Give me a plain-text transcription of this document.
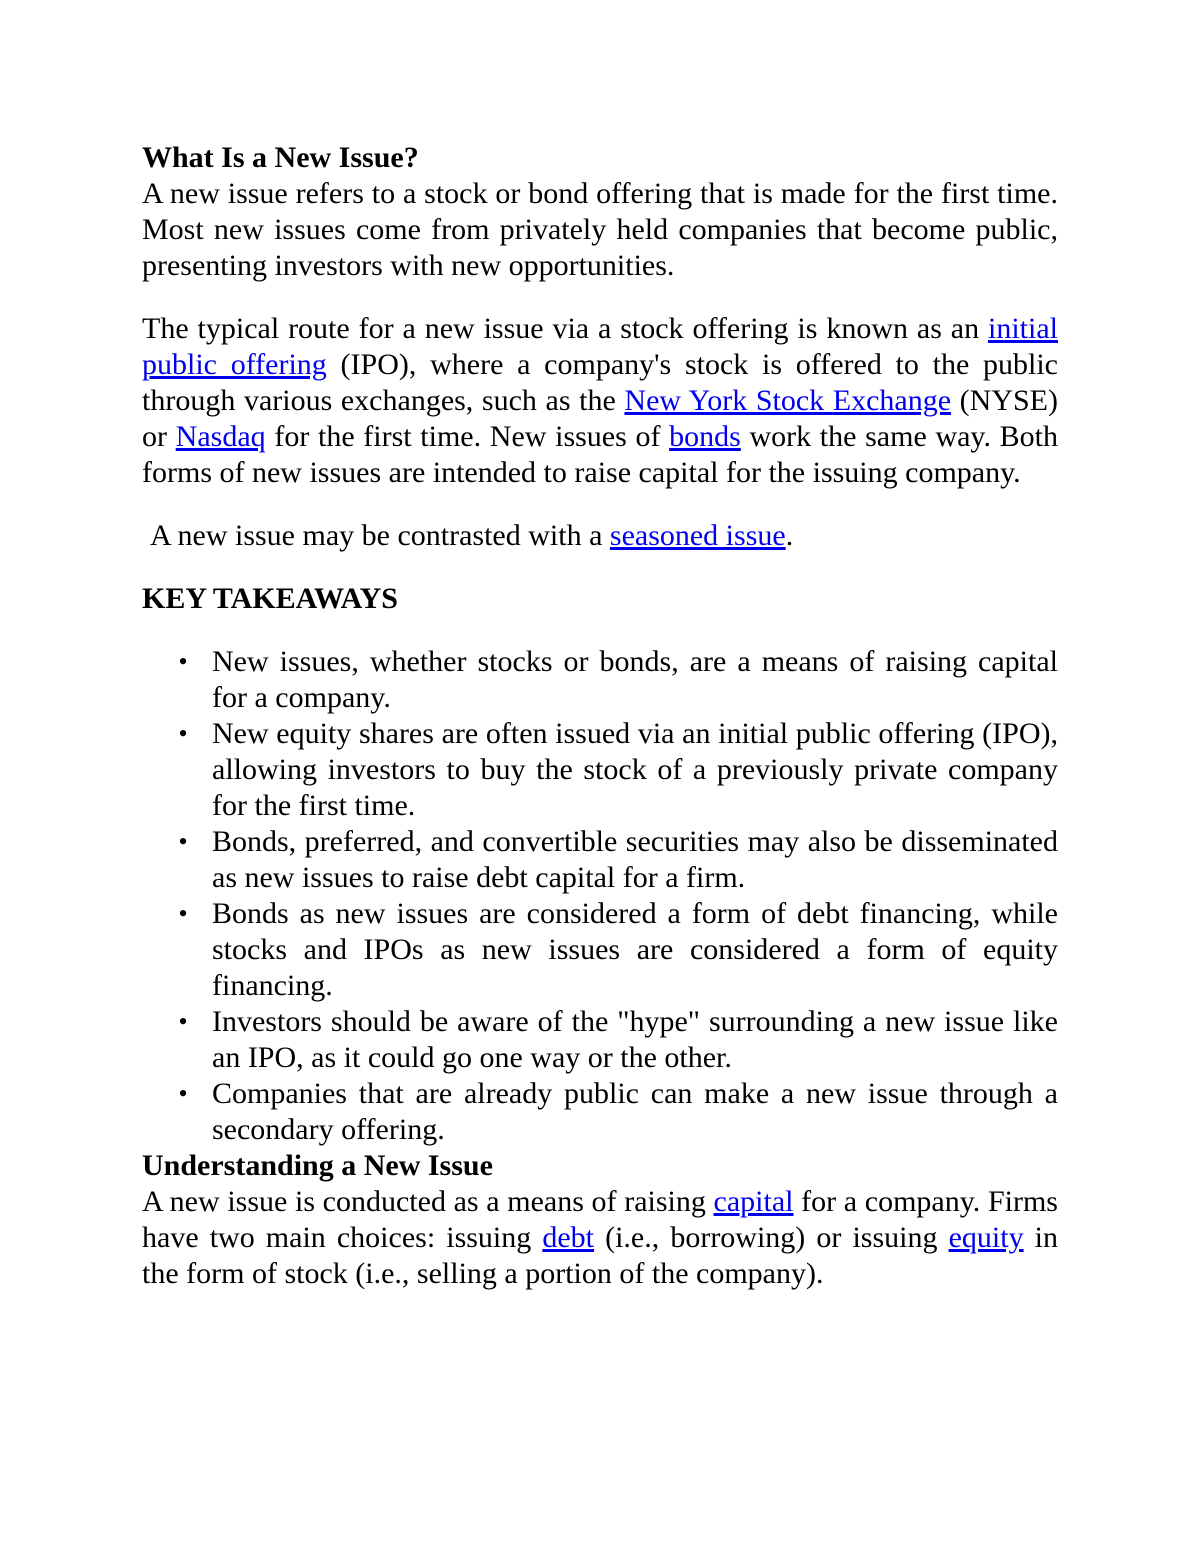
What Is a New Issue?

A new issue refers to a stock or bond offering that is made for the first time. Most new issues come from privately held companies that become public, presenting investors with new opportunities.

The typical route for a new issue via a stock offering is known as an initial public offering (IPO), where a company's stock is offered to the public through various exchanges, such as the New York Stock Exchange (NYSE) or Nasdaq for the first time. New issues of bonds work the same way. Both forms of new issues are intended to raise capital for the issuing company.

A new issue may be contrasted with a seasoned issue.

KEY TAKEAWAYS
• New issues, whether stocks or bonds, are a means of raising capital for a company.
• New equity shares are often issued via an initial public offering (IPO), allowing investors to buy the stock of a previously private company for the first time.
• Bonds, preferred, and convertible securities may also be disseminated as new issues to raise debt capital for a firm.
• Bonds as new issues are considered a form of debt financing, while stocks and IPOs as new issues are considered a form of equity financing.
• Investors should be aware of the "hype" surrounding a new issue like an IPO, as it could go one way or the other.
• Companies that are already public can make a new issue through a secondary offering.
Understanding a New Issue

A new issue is conducted as a means of raising capital for a company. Firms have two main choices: issuing debt (i.e., borrowing) or issuing equity in the form of stock (i.e., selling a portion of the company).
